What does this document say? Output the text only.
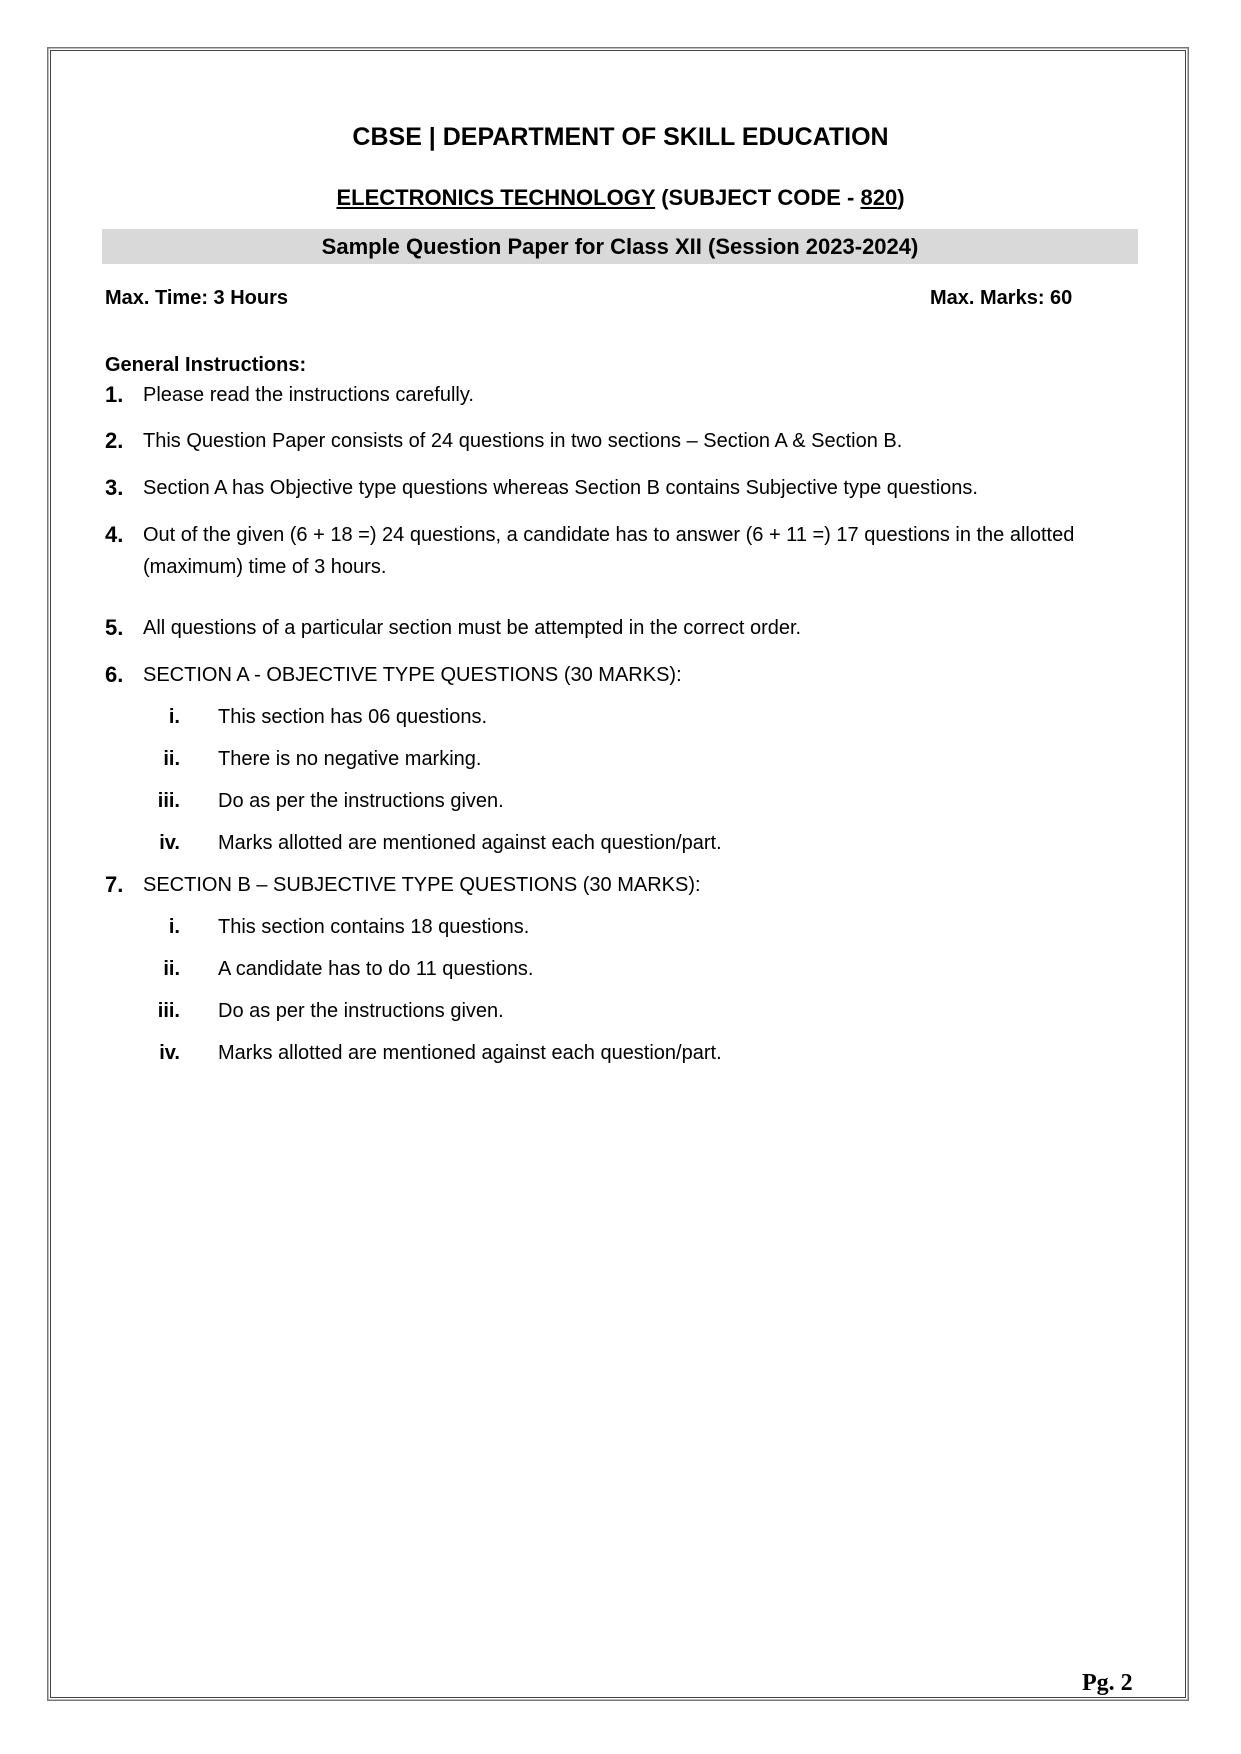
CBSE | DEPARTMENT OF SKILL EDUCATION
ELECTRONICS TECHNOLOGY (SUBJECT CODE - 820)
Sample Question Paper for Class XII (Session 2023-2024)
Max. Time: 3 Hours	Max. Marks: 60
General Instructions:
1. Please read the instructions carefully.
2. This Question Paper consists of 24 questions in two sections – Section A & Section B.
3. Section A has Objective type questions whereas Section B contains Subjective type questions.
4. Out of the given (6 + 18 =) 24 questions, a candidate has to answer (6 + 11 =) 17 questions in the allotted (maximum) time of 3 hours.
5. All questions of a particular section must be attempted in the correct order.
6. SECTION A - OBJECTIVE TYPE QUESTIONS (30 MARKS):
i. This section has 06 questions.
ii. There is no negative marking.
iii. Do as per the instructions given.
iv. Marks allotted are mentioned against each question/part.
7. SECTION B – SUBJECTIVE TYPE QUESTIONS (30 MARKS):
i. This section contains 18 questions.
ii. A candidate has to do 11 questions.
iii. Do as per the instructions given.
iv. Marks allotted are mentioned against each question/part.
Pg. 2
